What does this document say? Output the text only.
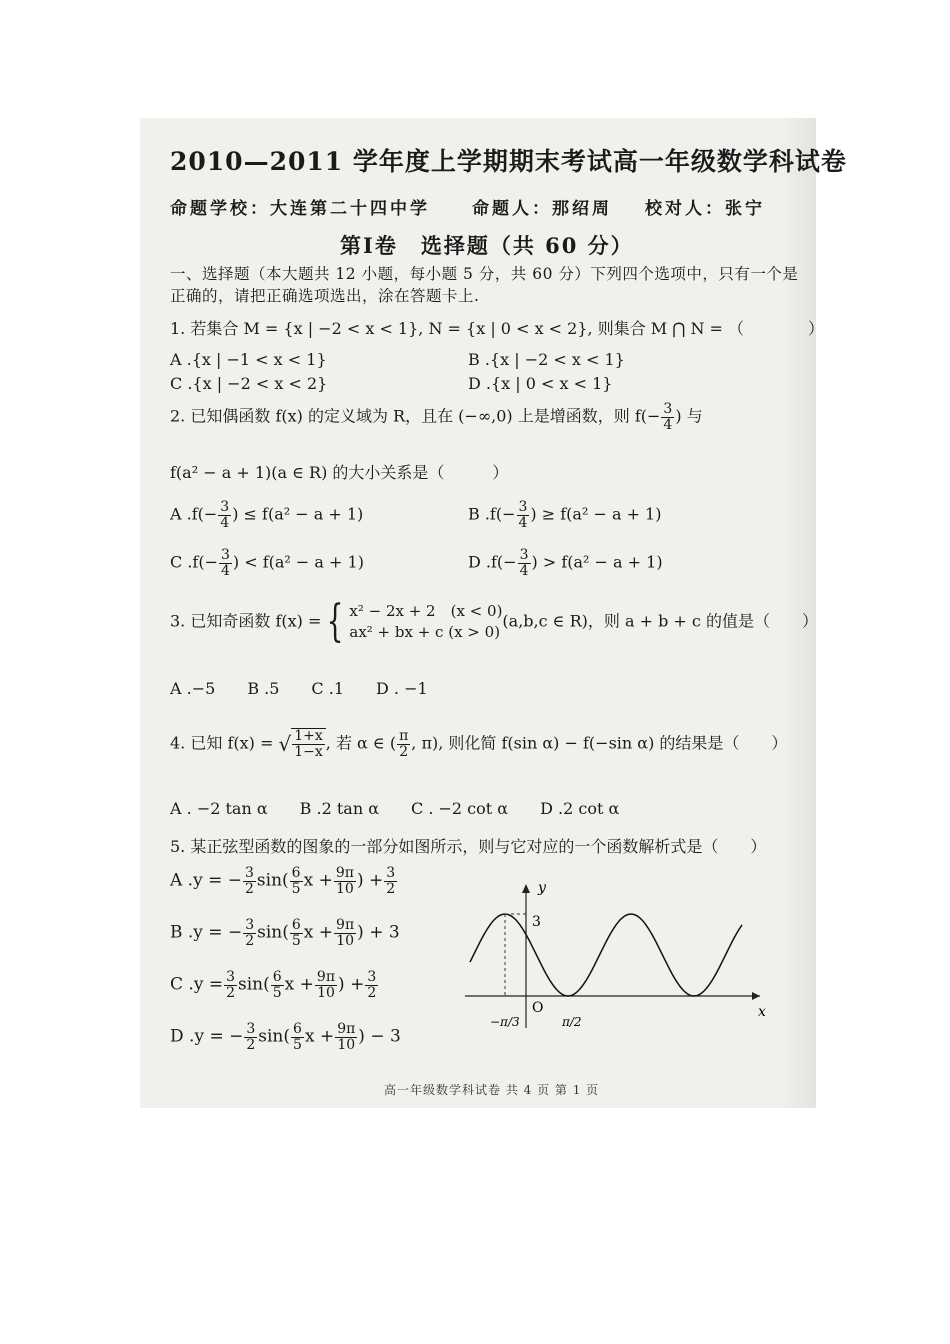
2010—2011 学年度上学期期末考试高一年级数学科试卷
命题学校：大连第二十四中学 命题人：那绍周 校对人：张宁
第Ⅰ卷　选择题（共 60 分）
一、选择题（本大题共 12 小题，每小题 5 分，共 60 分）下列四个选项中，只有一个是
正确的，请把正确选项选出，涂在答题卡上.
1. 若集合 M = {x | −2 < x < 1}, N = {x | 0 < x < 2}, 则集合 M ⋂ N = （　　　　）
A .{x | −1 < x < 1}	B .{x | −2 < x < 1}
C .{x | −2 < x < 2}	D .{x | 0 < x < 1}
2. 已知偶函数 f(x) 的定义域为 R，且在 (−∞,0) 上是增函数，则 $f(- \frac{3}{4}$ ) 与
f(a² − a + 1)(a ∈ R) 的大小关系是（　　　）
A $.f(- \frac{3}{4}$ ) ≤ f(a² − a + 1)	B $.f(- \frac{3}{4}$ ) ≥ f(a² − a + 1)
C $.f(- \frac{3}{4}$ ) < f(a² − a + 1)	D $.f(- \frac{3}{4}$ ) > f(a² − a + 1)
3. 已知奇函数 f(x) = { x² − 2x + 2　(x < 0)
ax² + bx + c (x > 0)
(a,b,c ∈ R)，则 a + b + c 的值是（　　）
A .−5　　B .5　　C .1　　D . −1
4. 已知 f(x) = √ $\frac{1+x}{1-x}$ , 若 α ∈ ( $\frac{\pi}{2}$ , π), 则化简 f(sin α) − f(−sin α) 的结果是（　　）
A . −2 tan α　　B .2 tan α　　C . −2 cot α　　D .2 cot α
5. 某正弦型函数的图象的一部分如图所示，则与它对应的一个函数解析式是（　　）
A .y = − $\frac{3}{2} \sin( \frac{6}{5}$ $x + \frac{9\pi}{10}$ ) + $\frac{3}{2}$
B .y = − $\frac{3}{2} \sin( \frac{6}{5}$ $x + \frac{9\pi}{10}$ ) + 3
C $.y = \frac{3}{2} \sin( \frac{6}{5}$ $x + \frac{9\pi}{10}$ ) + $\frac{3}{2}$
D .y = − $\frac{3}{2} \sin( \frac{6}{5}$ $x + \frac{9\pi}{10}$ ) − 3
y
x
O
3
−π/3	π/2
高一年级数学科试卷 共 4 页 第 1 页
